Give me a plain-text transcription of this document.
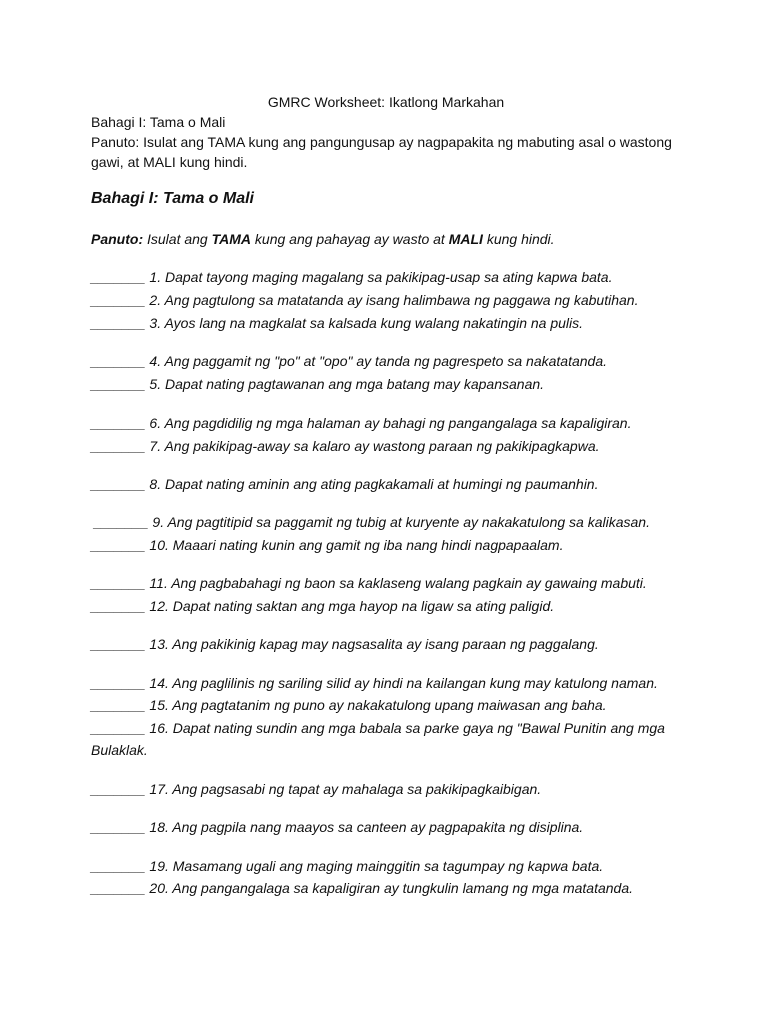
GMRC Worksheet: Ikatlong Markahan
Bahagi I: Tama o Mali
Panuto: Isulat ang TAMA kung ang pangungusap ay nagpapakita ng mabuting asal o wastong gawi, at MALI kung hindi.
Bahagi I: Tama o Mali
Panuto: Isulat ang TAMA kung ang pahayag ay wasto at MALI kung hindi.
_______ 1. Dapat tayong maging magalang sa pakikipag-usap sa ating kapwa bata.
_______ 2. Ang pagtulong sa matatanda ay isang halimbawa ng paggawa ng kabutihan.
_______ 3. Ayos lang na magkalat sa kalsada kung walang nakatingin na pulis.
_______ 4. Ang paggamit ng "po" at "opo" ay tanda ng pagrespeto sa nakatatanda.
_______ 5. Dapat nating pagtawanan ang mga batang may kapansanan.
_______ 6. Ang pagdidilig ng mga halaman ay bahagi ng pangangalaga sa kapaligiran.
_______ 7. Ang pakikipag-away sa kalaro ay wastong paraan ng pakikipagkapwa.
_______ 8. Dapat nating aminin ang ating pagkakamali at humingi ng paumanhin.
_______ 9. Ang pagtitipid sa paggamit ng tubig at kuryente ay nakakatulong sa kalikasan.
_______ 10. Maaari nating kunin ang gamit ng iba nang hindi nagpapaalam.
_______ 11. Ang pagbabahagi ng baon sa kaklaseng walang pagkain ay gawaing mabuti.
_______ 12. Dapat nating saktan ang mga hayop na ligaw sa ating paligid.
_______ 13. Ang pakikinig kapag may nagsasalita ay isang paraan ng paggalang.
_______ 14. Ang paglilinis ng sariling silid ay hindi na kailangan kung may katulong naman.
_______ 15. Ang pagtatanim ng puno ay nakakatulong upang maiwasan ang baha.
_______ 16. Dapat nating sundin ang mga babala sa parke gaya ng "Bawal Punitin ang mga Bulaklak.
_______ 17. Ang pagsasabi ng tapat ay mahalaga sa pakikipagkaibigan.
_______ 18. Ang pagpila nang maayos sa canteen ay pagpapakita ng disiplina.
_______ 19. Masamang ugali ang maging mainggitin sa tagumpay ng kapwa bata.
_______ 20. Ang pangangalaga sa kapaligiran ay tungkulin lamang ng mga matatanda.
